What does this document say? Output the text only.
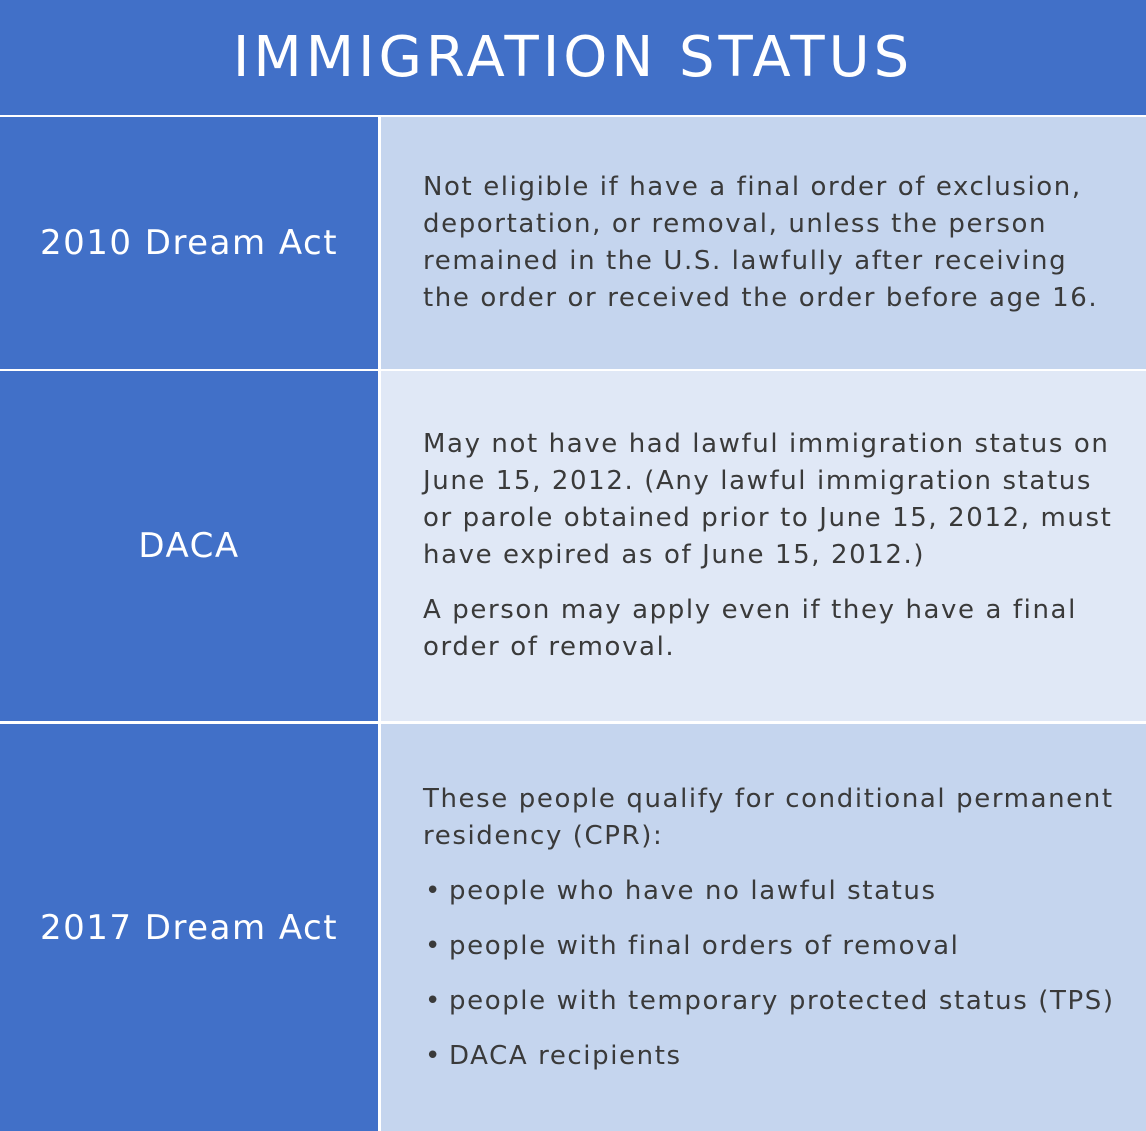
IMMIGRATION STATUS
2010 Dream Act

Not eligible if have a final order of exclusion, deportation, or removal, unless the person remained in the U.S. lawfully after receiving the order or received the order before age 16.

DACA

May not have had lawful immigration status on June 15, 2012. (Any lawful immigration status or parole obtained prior to June 15, 2012, must have expired as of June 15, 2012.)

A person may apply even if they have a final order of removal.

2017 Dream Act

These people qualify for conditional permanent residency (CPR):

• people who have no lawful status
• people with final orders of removal
• people with temporary protected status (TPS)
• DACA recipients
